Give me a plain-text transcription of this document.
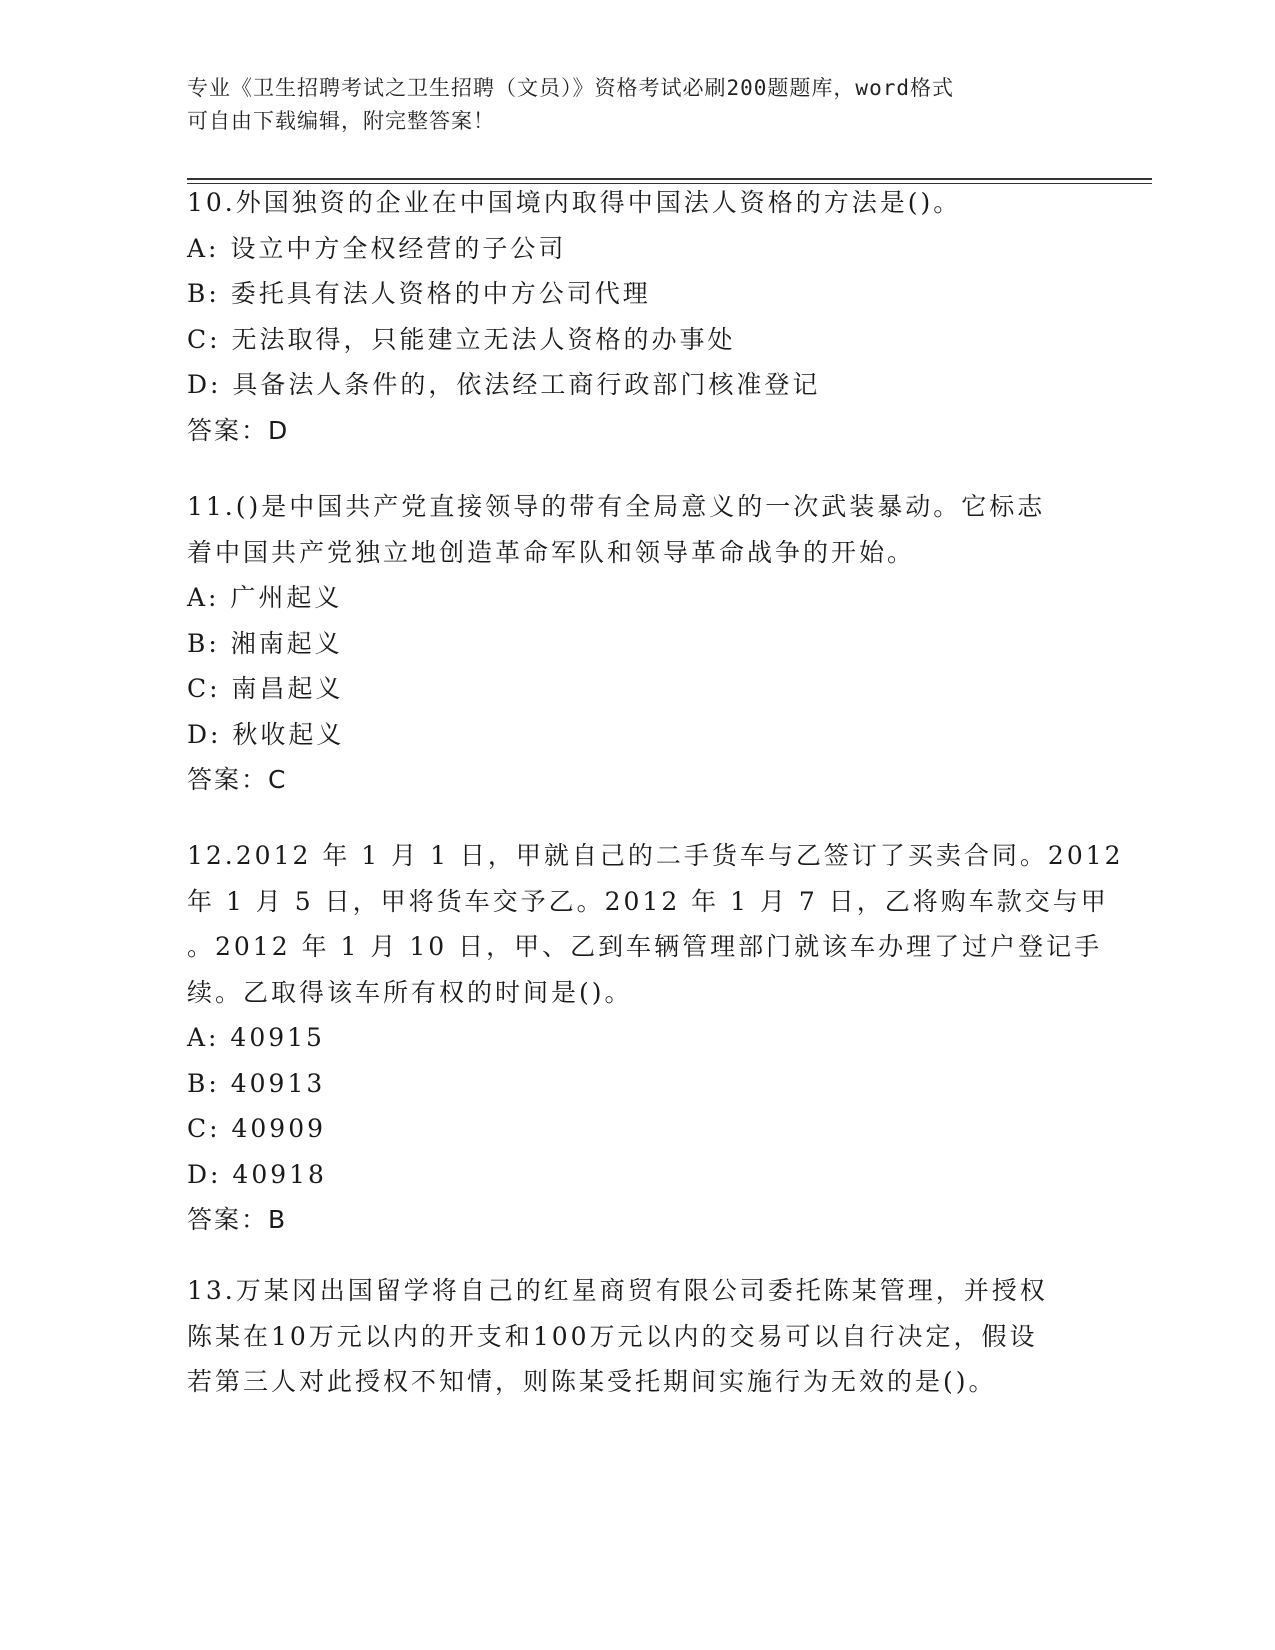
专业《卫生招聘考试之卫生招聘（文员）》资格考试必刷200题题库，word格式
可自由下载编辑，附完整答案！
10.外国独资的企业在中国境内取得中国法人资格的方法是()。
A: 设立中方全权经营的子公司
B: 委托具有法人资格的中方公司代理
C: 无法取得，只能建立无法人资格的办事处
D: 具备法人条件的，依法经工商行政部门核准登记
答案：D
11.()是中国共产党直接领导的带有全局意义的一次武装暴动。它标志
着中国共产党独立地创造革命军队和领导革命战争的开始。
A: 广州起义
B: 湘南起义
C: 南昌起义
D: 秋收起义
答案：C
12.2012 年 1 月 1 日，甲就自己的二手货车与乙签订了买卖合同。2012
年 1 月 5 日，甲将货车交予乙。2012 年 1 月 7 日，乙将购车款交与甲
。2012 年 1 月 10 日，甲、乙到车辆管理部门就该车办理了过户登记手
续。乙取得该车所有权的时间是()。
A: 40915
B: 40913
C: 40909
D: 40918
答案：B
13.万某冈出国留学将自己的红星商贸有限公司委托陈某管理，并授权
陈某在10万元以内的开支和100万元以内的交易可以自行决定，假设
若第三人对此授权不知情，则陈某受托期间实施行为无效的是()。
